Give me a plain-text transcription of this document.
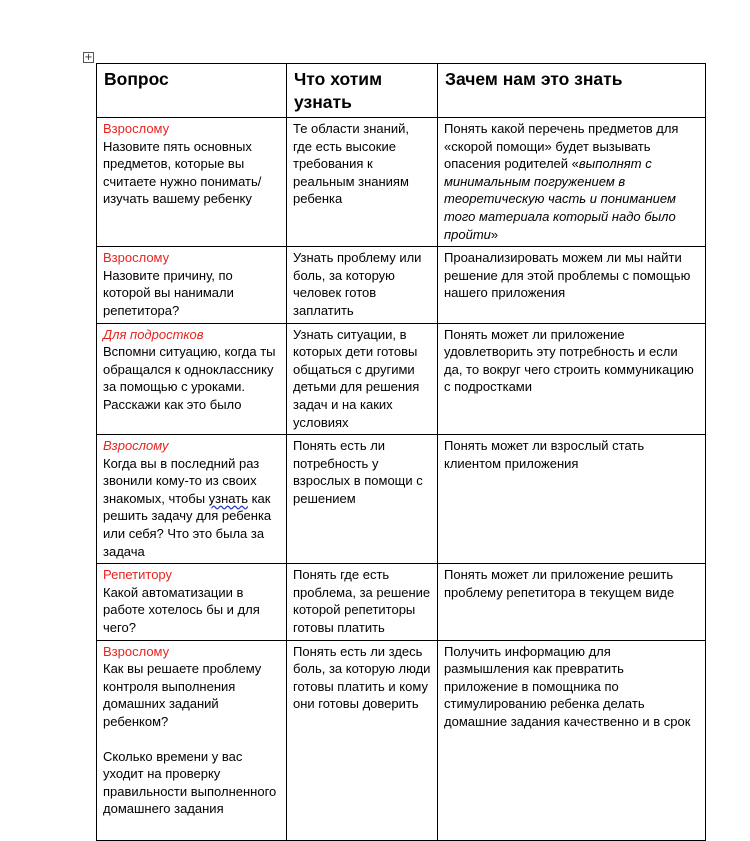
+
Вопрос	Что хотим узнать	Зачем нам это знать

Взрослому
Назовите пять основных предметов, которые вы считаете нужно понимать/ изучать вашему ребенку	Те области знаний, где есть высокие требования к реальным знаниям ребенка	Понять какой перечень предметов для «скорой помощи» будет вызывать опасения родителей «выполнят с минимальным погружением в теоретическую часть и пониманием того материала который надо было пройти»

Взрослому
Назовите причину, по которой вы нанимали репетитора?	Узнать проблему или боль, за которую человек готов заплатить	Проанализировать можем ли мы найти решение для этой проблемы с помощью нашего приложения

Для подростков
Вспомни ситуацию, когда ты обращался к однокласснику за помощью с уроками. Расскажи как это было	Узнать ситуации, в которых дети готовы общаться с другими детьми для решения задач и на каких условиях	Понять может ли приложение удовлетворить эту потребность и если да, то вокруг чего строить коммуникацию с подростками

Взрослому
Когда вы в последний раз звонили кому-то из своих знакомых, чтобы узнать как решить задачу для ребенка или себя? Что это была за задача	Понять есть ли потребность у взрослых в помощи с решением	Понять может ли взрослый стать клиентом приложения

Репетитору
Какой автоматизации в работе хотелось бы и для чего?	Понять где есть проблема, за решение которой репетиторы готовы платить	Понять может ли приложение решить проблему репетитора в текущем виде

Взрослому
Как вы решаете проблему контроля выполнения домашних заданий ребенком?
Сколько времени у вас уходит на проверку правильности выполненного домашнего задания	Понять есть ли здесь боль, за которую люди готовы платить и кому они готовы доверить	Получить информацию для размышления как превратить приложение в помощника по стимулированию ребенка делать домашние задания качественно и в срок
